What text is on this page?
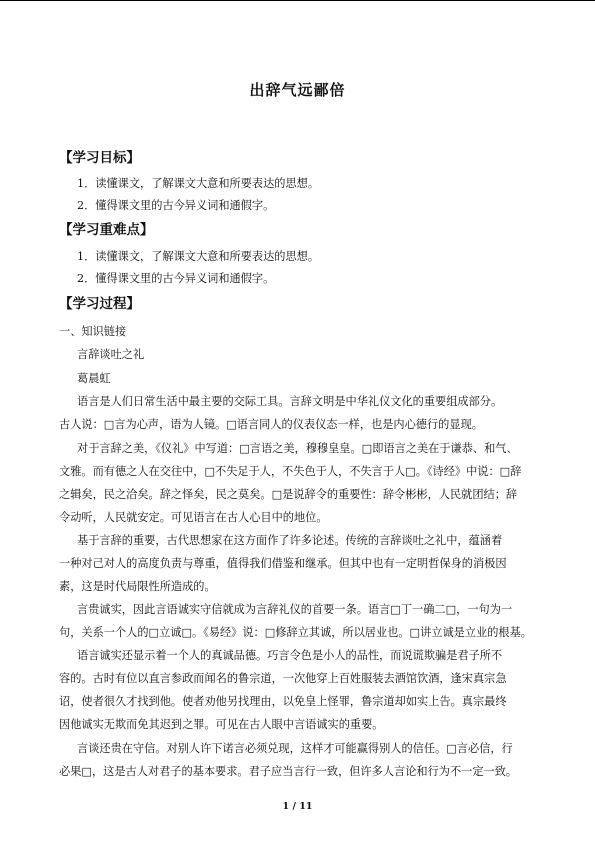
出辞气远鄙倍
【学习目标】
1．读懂课文，了解课文大意和所要表达的思想。
2．懂得课文里的古今异义词和通假字。
【学习重难点】
1．读懂课文，了解课文大意和所要表达的思想。
2．懂得课文里的古今异义词和通假字。
【学习过程】
一、知识链接
言辞谈吐之礼
葛晨虹
语言是人们日常生活中最主要的交际工具。言辞文明是中华礼仪文化的重要组成部分。
古人说：□言为心声，语为人镜。□语言同人的仪表仪态一样，也是内心德行的显现。
对于言辞之美，《仪礼》中写道：□言语之美，穆穆皇皇。□即语言之美在于谦恭、和气、
文雅。而有德之人在交往中，□不失足于人，不失色于人，不失言于人□。《诗经》中说：□辞
之辑矣，民之洽矣。辞之怿矣，民之莫矣。□是说辞令的重要性：辞令彬彬，人民就团结；辞
令动听，人民就安定。可见语言在古人心目中的地位。
基于言辞的重要，古代思想家在这方面作了许多论述。传统的言辞谈吐之礼中，蕴涵着
一种对己对人的高度负责与尊重，值得我们借鉴和继承。但其中也有一定明哲保身的消极因
素，这是时代局限性所造成的。
言贵诚实，因此言语诚实守信就成为言辞礼仪的首要一条。语言□丁一确二□，一句为一
句，关系一个人的□立诚□。《易经》说：□修辞立其诚，所以居业也。□讲立诚是立业的根基。
语言诚实还显示着一个人的真诚品德。巧言令色是小人的品性，而说谎欺骗是君子所不
容的。古时有位以直言参政而闻名的鲁宗道，一次他穿上百姓服装去酒馆饮酒，逢宋真宗急
诏，使者很久才找到他。使者劝他另找理由，以免皇上怪罪，鲁宗道却如实上告。真宗最终
因他诚实无欺而免其迟到之罪。可见在古人眼中言语诚实的重要。
言谈还贵在守信。对别人许下诺言必须兑现，这样才可能赢得别人的信任。□言必信，行
必果□，这是古人对君子的基本要求。君子应当言行一致，但许多人言论和行为不一定一致。
1 / 11
